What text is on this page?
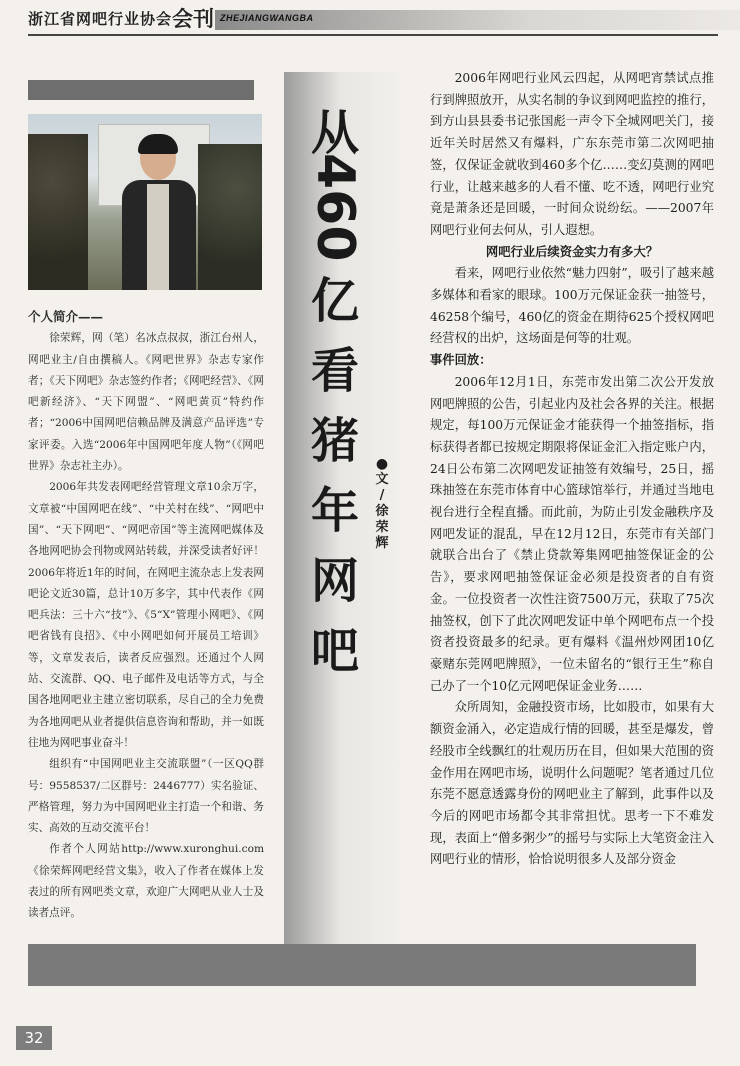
浙江省网吧行业协会 会刊 ZHEJIANGWANGBA
个人简介——

徐荣辉，网（笔）名冰点叔叔，浙江台州人，网吧业主/自由撰稿人。《网吧世界》杂志专家作者；《天下网吧》杂志签约作者；《网吧经营》、《网吧新经济》、“天下网盟”、“网吧黄页”特约作者；“2006中国网吧信赖品牌及满意产品评选”专家评委。入选“2006年中国网吧年度人物”（《网吧世界》杂志社主办）。

2006年共发表网吧经营管理文章10余万字，文章被“中国网吧在线”、“中关村在线”、“网吧中国”、“天下网吧”、“网吧帝国”等主流网吧媒体及各地网吧协会刊物或网站转载，并深受读者好评！2006年将近1年的时间，在网吧主流杂志上发表网吧论文近30篇，总计10万多字，其中代表作《网吧兵法：三十六“技”》、《5“X”管理小网吧》、《网吧省钱有良招》、《中小网吧如何开展员工培训》等，文章发表后，读者反应强烈。还通过个人网站、交流群、QQ、电子邮件及电话等方式，与全国各地网吧业主建立密切联系，尽自己的全力免费为各地网吧从业者提供信息咨询和帮助，并一如既往地为网吧事业奋斗！

组织有“中国网吧业主交流联盟”（一区QQ群号：9558537/二区群号：2446777）实名验证、严格管理，努力为中国网吧业主打造一个和谐、务实、高效的互动交流平台！

作者个人网站http://www.xuronghui.com《徐荣辉网吧经营文集》，收入了作者在媒体上发表过的所有网吧类文章，欢迎广大网吧从业人士及读者点评。

从
460
亿
看
猪
年
网
吧
●
文
/
徐
荣
辉

2006年网吧行业风云四起，从网吧宵禁试点推行到牌照放开，从实名制的争议到网吧监控的推行，到方山县县委书记张国彪一声令下全城网吧关门，接近年关时居然又有爆料，广东东莞市第二次网吧抽签，仅保证金就收到460多个亿……变幻莫测的网吧行业，让越来越多的人看不懂、吃不透，网吧行业究竟是萧条还是回暖，一时间众说纷纭。——2007年网吧行业何去何从，引人遐想。

网吧行业后续资金实力有多大？

看来，网吧行业依然“魅力四射”，吸引了越来越多媒体和看家的眼球。100万元保证金获一抽签号，46258个编号，460亿的资金在期待625个授权网吧经营权的出炉，这场面是何等的壮观。

事件回放：

2006年12月1日，东莞市发出第二次公开发放网吧牌照的公告，引起业内及社会各界的关注。根据规定，每100万元保证金才能获得一个抽签指标，指标获得者都已按规定期限将保证金汇入指定账户内，24日公布第二次网吧发证抽签有效编号，25日，摇珠抽签在东莞市体育中心篮球馆举行，并通过当地电视台进行全程直播。而此前，为防止引发金融秩序及网吧发证的混乱，早在12月12日，东莞市有关部门就联合出台了《禁止贷款筹集网吧抽签保证金的公告》，要求网吧抽签保证金必须是投资者的自有资金。一位投资者一次性注资7500万元，获取了75次抽签权，创下了此次网吧发证中单个网吧布点一个投资者投资最多的纪录。更有爆料《温州炒网团10亿豪赌东莞网吧牌照》，一位未留名的“银行王生”称自己办了一个10亿元网吧保证金业务……

众所周知，金融投资市场，比如股市，如果有大额资金涌入，必定造成行情的回暖，甚至是爆发，曾经股市全线飘红的壮观历历在目，但如果大范围的资金作用在网吧市场，说明什么问题呢？笔者通过几位东莞不愿意透露身份的网吧业主了解到，此事件以及今后的网吧市场都令其非常担忧。思考一下不难发现，表面上“僧多粥少”的摇号与实际上大笔资金注入网吧行业的情形，恰恰说明很多人及部分资金

32
